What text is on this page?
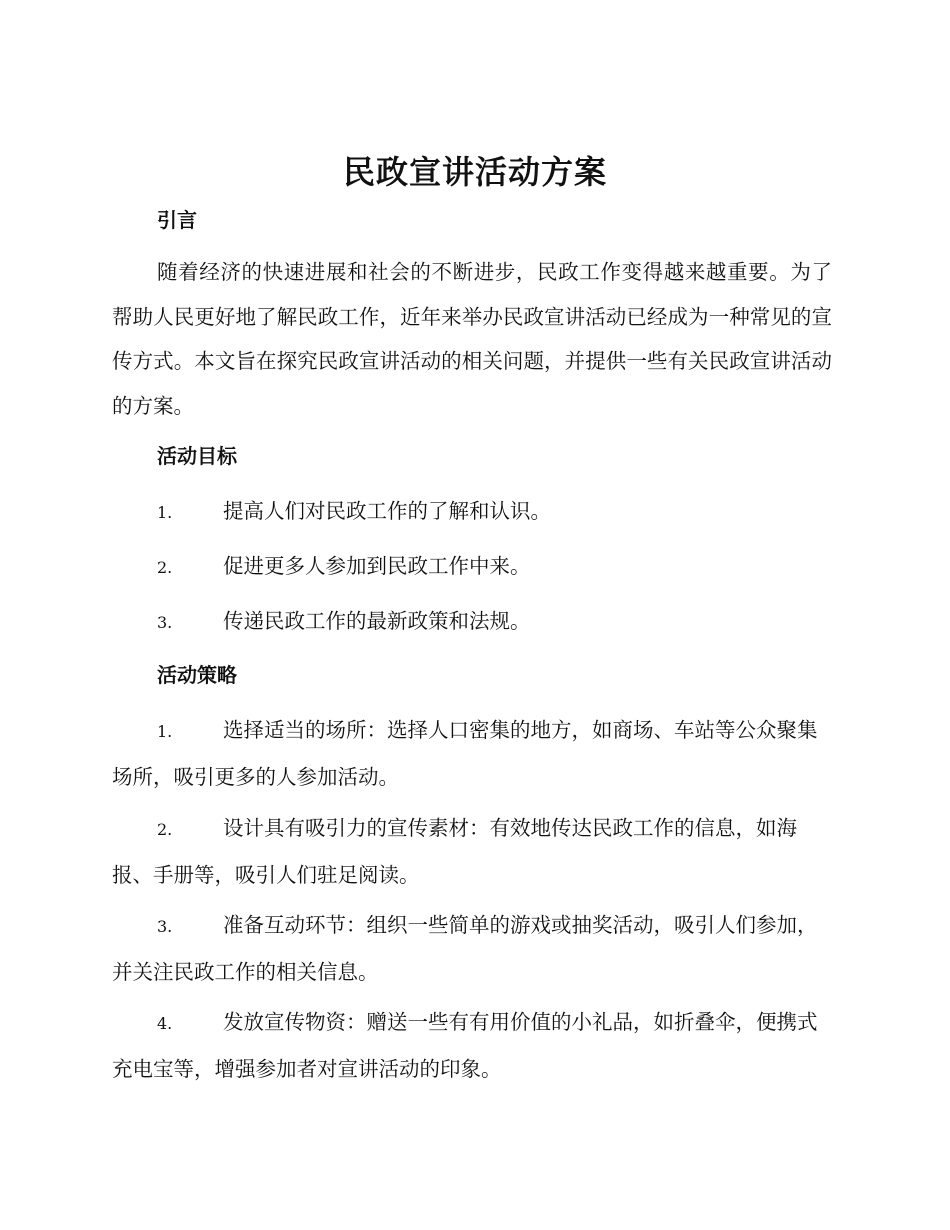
民政宣讲活动方案
引言

随着经济的快速进展和社会的不断进步，民政工作变得越来越重要。为了帮助人民更好地了解民政工作，近年来举办民政宣讲活动已经成为一种常见的宣传方式。本文旨在探究民政宣讲活动的相关问题，并提供一些有关民政宣讲活动的方案。

活动目标

1. 提高人们对民政工作的了解和认识。

2. 促进更多人参加到民政工作中来。

3. 传递民政工作的最新政策和法规。

活动策略

1. 选择适当的场所：选择人口密集的地方，如商场、车站等公众聚集场所，吸引更多的人参加活动。

2. 设计具有吸引力的宣传素材：有效地传达民政工作的信息，如海报、手册等，吸引人们驻足阅读。

3. 准备互动环节：组织一些简单的游戏或抽奖活动，吸引人们参加，并关注民政工作的相关信息。

4. 发放宣传物资：赠送一些有有用价值的小礼品，如折叠伞，便携式充电宝等，增强参加者对宣讲活动的印象。
